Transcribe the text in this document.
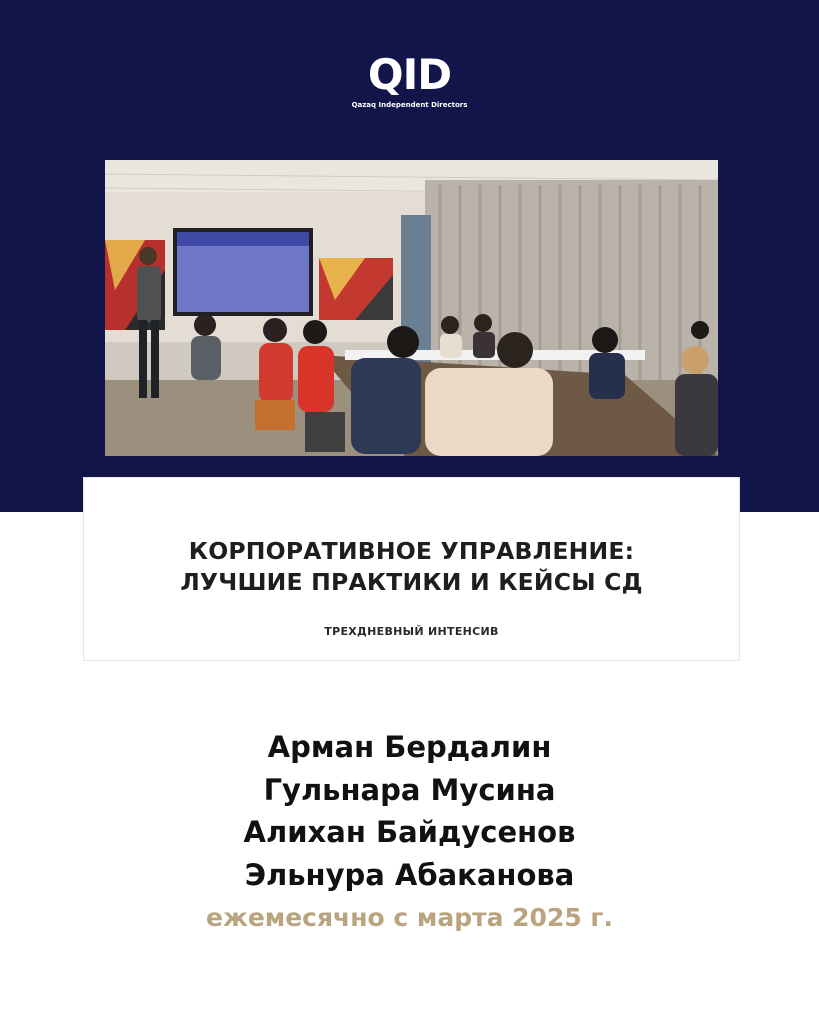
QID
Qazaq Independent Directors
КОРПОРАТИВНОЕ УПРАВЛЕНИЕ:
ЛУЧШИЕ ПРАКТИКИ И КЕЙСЫ СД
ТРЕХДНЕВНЫЙ ИНТЕНСИВ
Арман Бердалин
Гульнара Мусина
Алихан Байдусенов
Эльнура Абаканова
ежемесячно с марта 2025 г.
